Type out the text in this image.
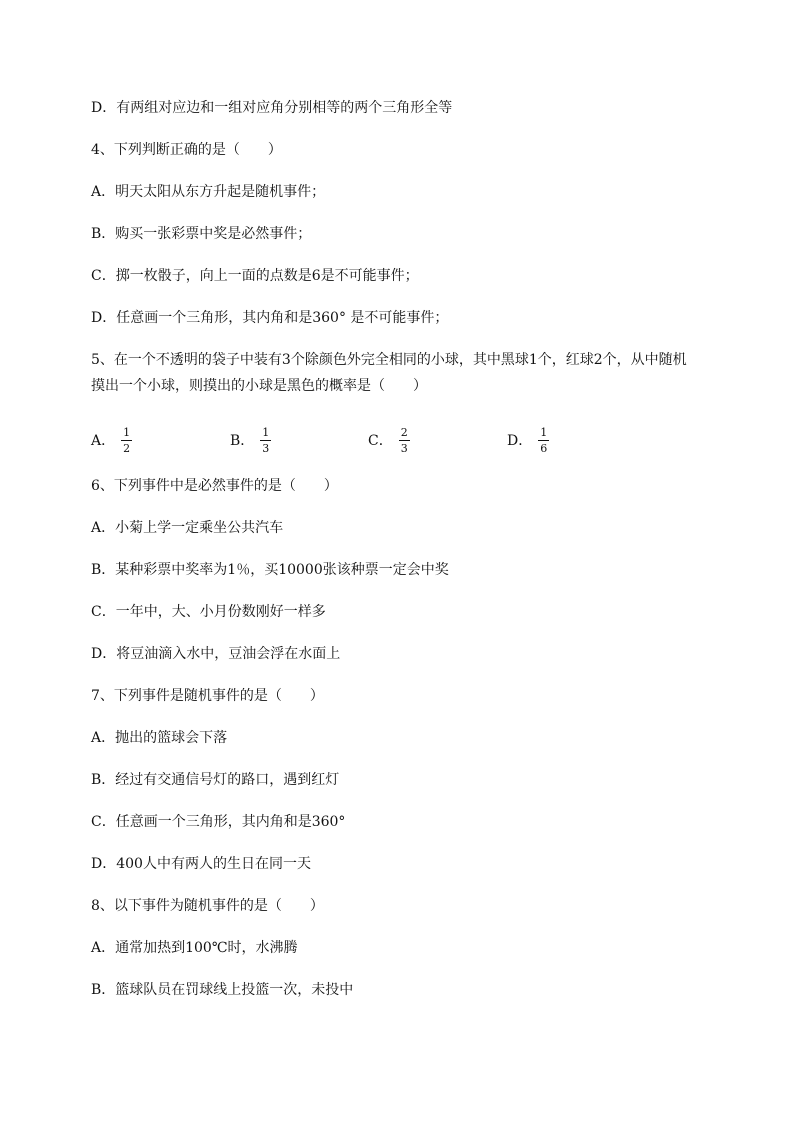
D．有两组对应边和一组对应角分别相等的两个三角形全等
4、下列判断正确的是（　　）
A．明天太阳从东方升起是随机事件；
B．购买一张彩票中奖是必然事件；
C．掷一枚骰子，向上一面的点数是6是不可能事件；
D．任意画一个三角形，其内角和是360° 是不可能事件；
5、在一个不透明的袋子中装有3个除颜色外完全相同的小球，其中黑球1个，红球2个，从中随机
摸出一个小球，则摸出的小球是黑色的概率是（　　）
A． $\frac{1}{2}$	B． $\frac{1}{3}$	C． $\frac{2}{3}$	D． $\frac{1}{6}$
6、下列事件中是必然事件的是（　　）
A．小菊上学一定乘坐公共汽车
B．某种彩票中奖率为1％，买10000张该种票一定会中奖
C．一年中，大、小月份数刚好一样多
D．将豆油滴入水中，豆油会浮在水面上
7、下列事件是随机事件的是（　　）
A．抛出的篮球会下落
B．经过有交通信号灯的路口，遇到红灯
C．任意画一个三角形，其内角和是360°
D．400人中有两人的生日在同一天
8、以下事件为随机事件的是（　　）
A．通常加热到100℃时，水沸腾
B．篮球队员在罚球线上投篮一次，未投中
